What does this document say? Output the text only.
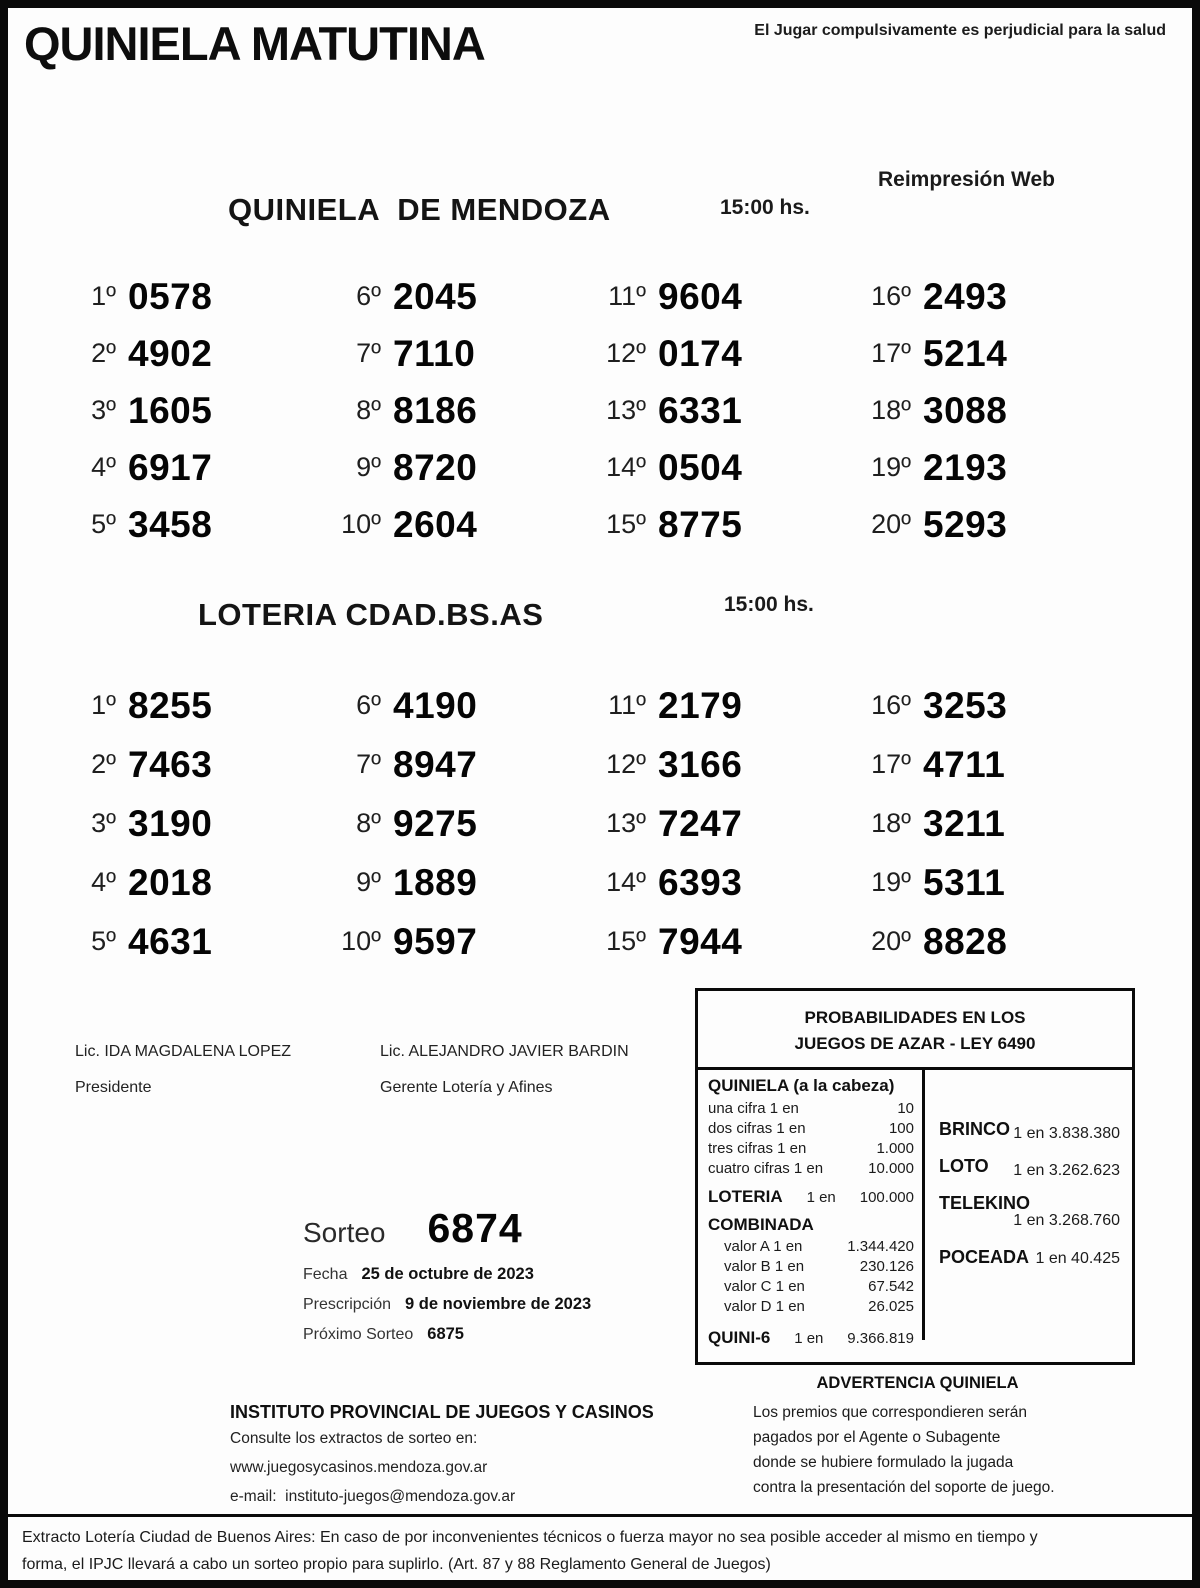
QUINIELA MATUTINA	El Jugar compulsivamente es perjudicial para la salud
QUINIELA  DE MENDOZA	15:00 hs.
Reimpresión Web
1º 0578
2º 4902
3º 1605
4º 6917
5º 3458
6º 2045
7º 7110
8º 8186
9º 8720
10º 2604
11º 9604
12º 0174
13º 6331
14º 0504
15º 8775
16º 2493
17º 5214
18º 3088
19º 2193
20º 5293
LOTERIA CDAD.BS.AS	15:00 hs.
1º 8255
2º 7463
3º 3190
4º 2018
5º 4631
6º 4190
7º 8947
8º 9275
9º 1889
10º 9597
11º 2179
12º 3166
13º 7247
14º 6393
15º 7944
16º 3253
17º 4711
18º 3211
19º 5311
20º 8828
Lic. IDA MAGDALENA LOPEZ
Presidente
Lic. ALEJANDRO JAVIER BARDIN
Gerente Lotería y Afines
PROBABILIDADES EN LOS
JUEGOS DE AZAR - LEY 6490
QUINIELA (a la cabeza)
una cifra 1 en	10
dos cifras 1 en	100
tres cifras 1 en	1.000
cuatro cifras 1 en	10.000
LOTERIA 1 en 100.000
COMBINADA
valor A 1 en	1.344.420
valor B 1 en	230.126
valor C 1 en	67.542
valor D 1 en	26.025
QUINI-6 1 en 9.366.819
BRINCO 1 en 3.838.380
LOTO	1 en 3.262.623
TELEKINO
1 en 3.268.760
POCEADA 1 en 40.425
Sorteo 6874
Fecha 25 de octubre de 2023
Prescripción 9 de noviembre de 2023
Próximo Sorteo 6875
INSTITUTO PROVINCIAL DE JUEGOS Y CASINOS
Consulte los extractos de sorteo en:
www.juegosycasinos.mendoza.gov.ar
e-mail:  instituto-juegos@mendoza.gov.ar
ADVERTENCIA QUINIELA
Los premios que correspondieren serán
pagados por el Agente o Subagente
donde se hubiere formulado la jugada
contra la presentación del soporte de juego.
Extracto Lotería Ciudad de Buenos Aires: En caso de por inconvenientes técnicos o fuerza mayor no sea posible acceder al mismo en tiempo y
forma, el IPJC llevará a cabo un sorteo propio para suplirlo. (Art. 87 y 88 Reglamento General de Juegos)
